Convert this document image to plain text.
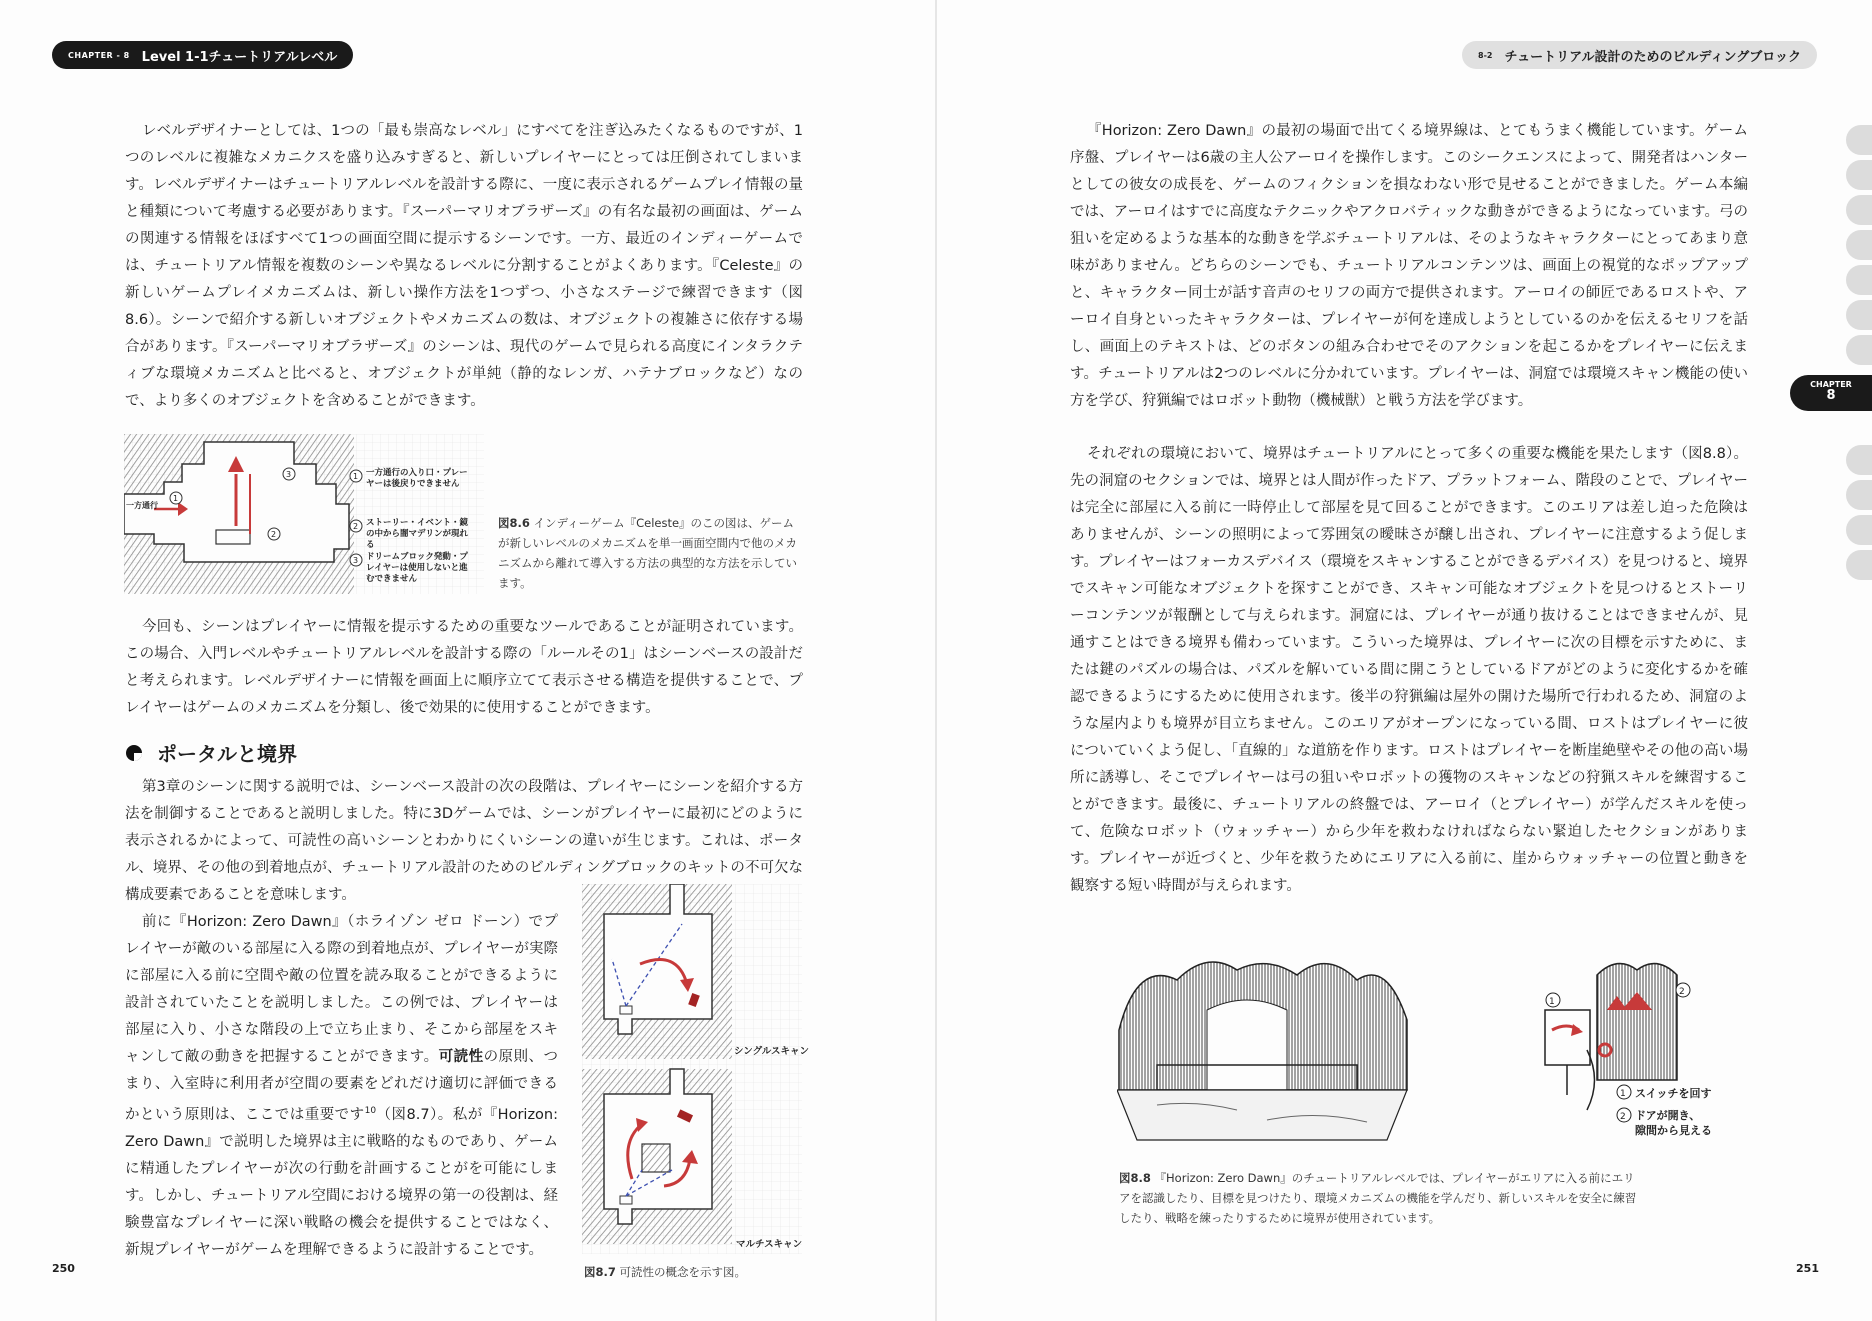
CHAPTER - 8 Level 1-1チュートリアルレベル

レベルデザイナーとしては、1つの「最も崇高なレベル」にすべてを注ぎ込みたくなるものですが、1つのレベルに複雑なメカニクスを盛り込みすぎると、新しいプレイヤーにとっては圧倒されてしまいます。レベルデザイナーはチュートリアルレベルを設計する際に、一度に表示されるゲームプレイ情報の量と種類について考慮する必要があります。『スーパーマリオブラザーズ』の有名な最初の画面は、ゲームの関連する情報をほぼすべて1つの画面空間に提示するシーンです。一方、最近のインディーゲームでは、チュートリアル情報を複数のシーンや異なるレベルに分割することがよくあります。『Celeste』の新しいゲームプレイメカニズムは、新しい操作方法を1つずつ、小さなステージで練習できます（図8.6）。シーンで紹介する新しいオブジェクトやメカニズムの数は、オブジェクトの複雑さに依存する場合があります。『スーパーマリオブラザーズ』のシーンは、現代のゲームで見られる高度にインタラクティブな環境メカニズムと比べると、オブジェクトが単純（静的なレンガ、ハテナブロックなど）なので、より多くのオブジェクトを含めることができます。

一方通行
1
2
3	1
2
3
一方通行の入り口・プレーヤーは後戻りできません
ストーリー・イベント・鏡の中から闇マデリンが現れる
ドリームブロック発動・プレイヤーは使用しないと進むできません
図8.6 インディーゲーム『Celeste』のこの図は、ゲームが新しいレベルのメカニズムを単一画面空間内で他のメカニズムから離れて導入する方法の典型的な方法を示しています。

今回も、シーンはプレイヤーに情報を提示するための重要なツールであることが証明されています。この場合、入門レベルやチュートリアルレベルを設計する際の「ルールその1」はシーンベースの設計だと考えられます。レベルデザイナーに情報を画面上に順序立てて表示させる構造を提供することで、プレイヤーはゲームのメカニズムを分類し、後で効果的に使用することができます。

ポータルと境界

第3章のシーンに関する説明では、シーンベース設計の次の段階は、プレイヤーにシーンを紹介する方法を制御することであると説明しました。特に3Dゲームでは、シーンがプレイヤーに最初にどのように表示されるかによって、可読性の高いシーンとわかりにくいシーンの違いが生じます。これは、ポータル、境界、その他の到着地点が、チュートリアル設計のためのビルディングブロックのキットの不可欠な構成要素であることを意味します。

前に『Horizon: Zero Dawn』（ホライゾン ゼロ ドーン）でプレイヤーが敵のいる部屋に入る際の到着地点が、プレイヤーが実際に部屋に入る前に空間や敵の位置を読み取ることができるように設計されていたことを説明しました。この例では、プレイヤーは部屋に入り、小さな階段の上で立ち止まり、そこから部屋をスキャンして敵の動きを把握することができます。可読性の原則、つまり、入室時に利用者が空間の要素をどれだけ適切に評価できるかという原則は、ここでは重要です$^{10}$（図8.7）。私が『Horizon: Zero Dawn』で説明した境界は主に戦略的なものであり、ゲームに精通したプレイヤーが次の行動を計画することがを可能にします。しかし、チュートリアル空間における境界の第一の役割は、経験豊富なプレイヤーに深い戦略の機会を提供することではなく、新規プレイヤーがゲームを理解できるように設計することです。

シングルスキャン
マルチスキャン
図8.7 可読性の概念を示す図。
250
8-2 チュートリアル設計のためのビルディングブロック
CHAPTER
8

『Horizon: Zero Dawn』の最初の場面で出てくる境界線は、とてもうまく機能しています。ゲーム序盤、プレイヤーは6歳の主人公アーロイを操作します。このシークエンスによって、開発者はハンターとしての彼女の成長を、ゲームのフィクションを損なわない形で見せることができました。ゲーム本編では、アーロイはすでに高度なテクニックやアクロバティックな動きができるようになっています。弓の狙いを定めるような基本的な動きを学ぶチュートリアルは、そのようなキャラクターにとってあまり意味がありません。どちらのシーンでも、チュートリアルコンテンツは、画面上の視覚的なポップアップと、キャラクター同士が話す音声のセリフの両方で提供されます。アーロイの師匠であるロストや、アーロイ自身といったキャラクターは、プレイヤーが何を達成しようとしているのかを伝えるセリフを話し、画面上のテキストは、どのボタンの組み合わせでそのアクションを起こるかをプレイヤーに伝えます。チュートリアルは2つのレベルに分かれています。プレイヤーは、洞窟では環境スキャン機能の使い方を学び、狩猟編ではロボット動物（機械獣）と戦う方法を学びます。

それぞれの環境において、境界はチュートリアルにとって多くの重要な機能を果たします（図8.8）。先の洞窟のセクションでは、境界とは人間が作ったドア、プラットフォーム、階段のことで、プレイヤーは完全に部屋に入る前に一時停止して部屋を見て回ることができます。このエリアは差し迫った危険はありませんが、シーンの照明によって雰囲気の曖昧さが醸し出され、プレイヤーに注意するよう促します。プレイヤーはフォーカスデバイス（環境をスキャンすることができるデバイス）を見つけると、境界でスキャン可能なオブジェクトを探すことができ、スキャン可能なオブジェクトを見つけるとストーリーコンテンツが報酬として与えられます。洞窟には、プレイヤーが通り抜けることはできませんが、見通すことはできる境界も備わっています。こういった境界は、プレイヤーに次の目標を示すために、または鍵のパズルの場合は、パズルを解いている間に開こうとしているドアがどのように変化するかを確認できるようにするために使用されます。後半の狩猟編は屋外の開けた場所で行われるため、洞窟のような屋内よりも境界が目立ちません。このエリアがオープンになっている間、ロストはプレイヤーに彼についていくよう促し、「直線的」な道筋を作ります。ロストはプレイヤーを断崖絶壁やその他の高い場所に誘導し、そこでプレイヤーは弓の狙いやロボットの獲物のスキャンなどの狩猟スキルを練習することができます。最後に、チュートリアルの終盤では、アーロイ（とプレイヤー）が学んだスキルを使って、危険なロボット（ウォッチャー）から少年を救わなければならない緊迫したセクションがあります。プレイヤーが近づくと、少年を救うためにエリアに入る前に、崖からウォッチャーの位置と動きを観察する短い時間が与えられます。

1
2
1
2
スイッチを回す
ドアが開き、
隙間から見える
図8.8 『Horizon: Zero Dawn』のチュートリアルレベルでは、プレイヤーがエリアに入る前にエリアを認識したり、目標を見つけたり、環境メカニズムの機能を学んだり、新しいスキルを安全に練習したり、戦略を練ったりするために境界が使用されています。
251
